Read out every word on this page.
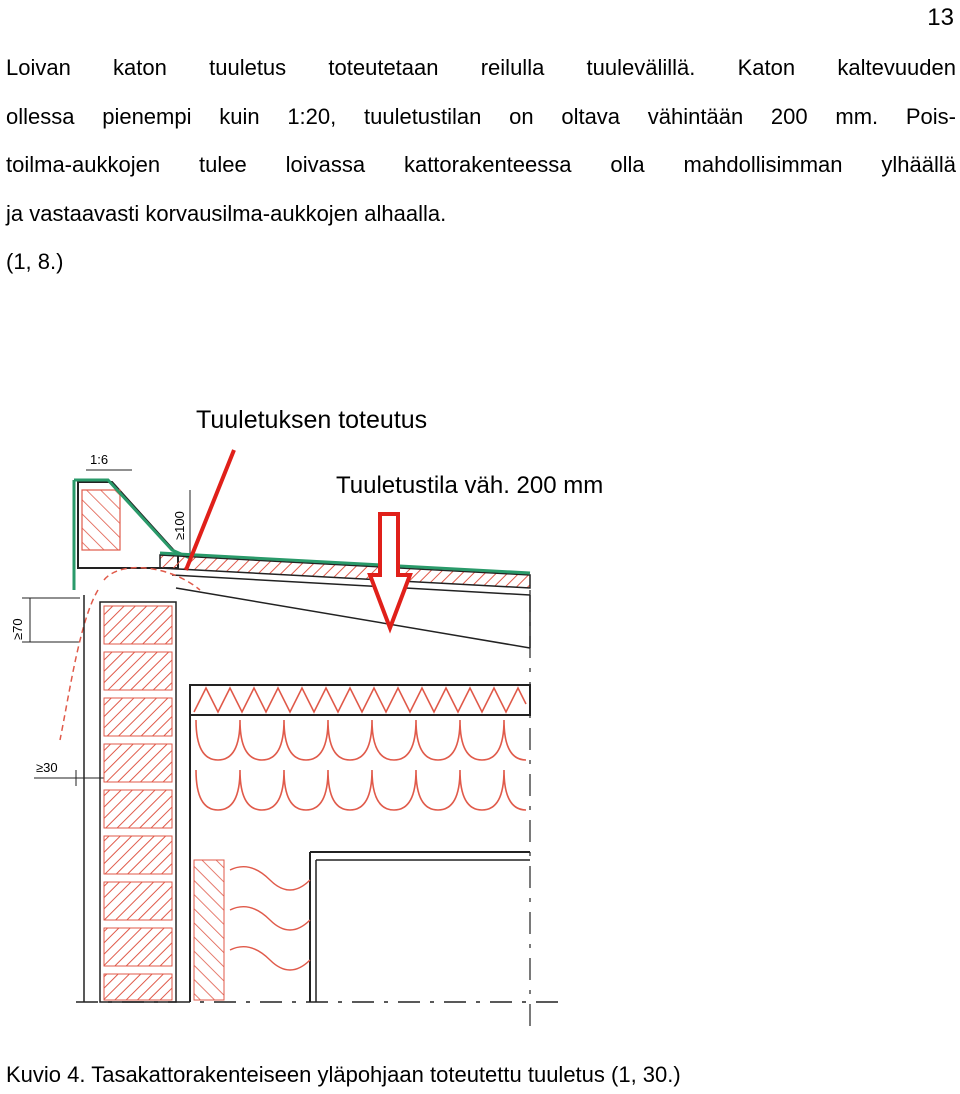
13
Loivan katon tuuletus toteutetaan reilulla tuulevälillä. Katon kaltevuuden
ollessa pienempi kuin 1:20, tuuletustilan on oltava vähintään 200 mm. Pois-
toilma-aukkojen tulee loivassa kattorakenteessa olla mahdollisimman ylhäällä
ja vastaavasti korvausilma-aukkojen alhaalla.
(1, 8.)
Tuuletuksen toteutus
Tuuletustila väh. 200 mm
1:6
≥100
≥70
≥30
Kuvio 4. Tasakattorakenteiseen yläpohjaan toteutettu tuuletus (1, 30.)
